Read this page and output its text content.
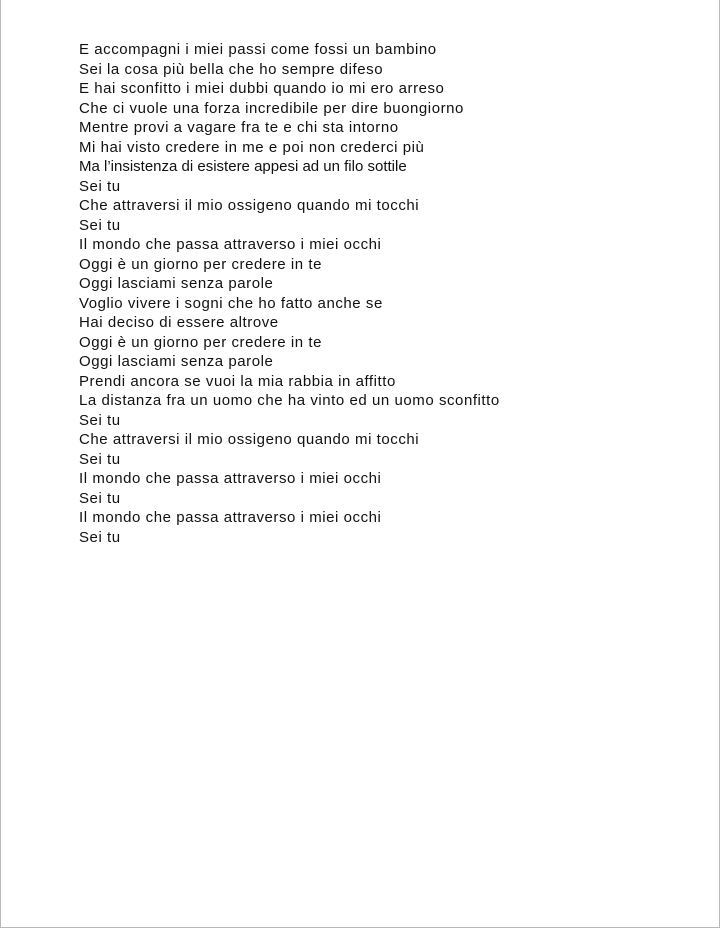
E accompagni i miei passi come fossi un bambino
Sei la cosa più bella che ho sempre difeso
E hai sconfitto i miei dubbi quando io mi ero arreso
Che ci vuole una forza incredibile per dire buongiorno
Mentre provi a vagare fra te e chi sta intorno
Mi hai visto credere in me e poi non crederci più
Ma l’insistenza di esistere appesi ad un filo sottile
Sei tu
Che attraversi il mio ossigeno quando mi tocchi
Sei tu
Il mondo che passa attraverso i miei occhi
Oggi è un giorno per credere in te
Oggi lasciami senza parole
Voglio vivere i sogni che ho fatto anche se
Hai deciso di essere altrove
Oggi è un giorno per credere in te
Oggi lasciami senza parole
Prendi ancora se vuoi la mia rabbia in affitto
La distanza fra un uomo che ha vinto ed un uomo sconfitto
Sei tu
Che attraversi il mio ossigeno quando mi tocchi
Sei tu
Il mondo che passa attraverso i miei occhi
Sei tu
Il mondo che passa attraverso i miei occhi
Sei tu
